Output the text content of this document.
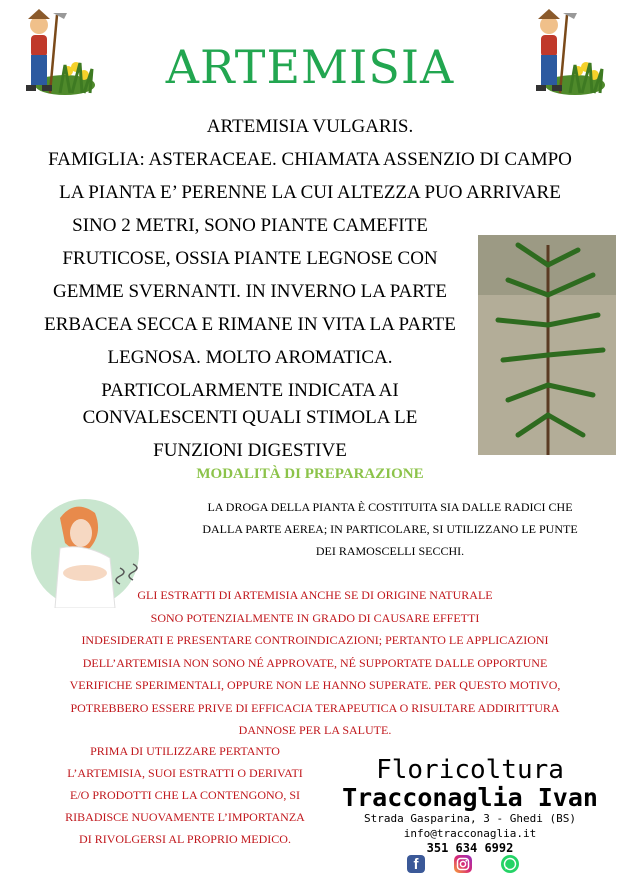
ARTEMISIA
ARTEMISIA VULGARIS.
FAMIGLIA: ASTERACEAE. CHIAMATA ASSENZIO DI CAMPO
LA PIANTA E’ PERENNE LA CUI ALTEZZA PUO ARRIVARE
SINO 2 METRI, SONO PIANTE CAMEFITE
FRUTICOSE, OSSIA PIANTE LEGNOSE CON
GEMME SVERNANTI. IN INVERNO LA PARTE
ERBACEA SECCA E RIMANE IN VITA LA PARTE
LEGNOSA. MOLTO AROMATICA.
PARTICOLARMENTE INDICATA AI
CONVALESCENTI QUALI STIMOLA LE
FUNZIONI DIGESTIVE
MODALITÀ DI PREPARAZIONE
LA DROGA DELLA PIANTA È COSTITUITA SIA DALLE RADICI CHE
DALLA PARTE AEREA; IN PARTICOLARE, SI UTILIZZANO LE PUNTE
DEI RAMOSCELLI SECCHI.
GLI ESTRATTI DI ARTEMISIA ANCHE SE DI ORIGINE NATURALE
SONO POTENZIALMENTE IN GRADO DI CAUSARE EFFETTI
INDESIDERATI E PRESENTARE CONTROINDICAZIONI; PERTANTO LE APPLICAZIONI
DELL’ARTEMISIA NON SONO NÉ APPROVATE, NÉ SUPPORTATE DALLE OPPORTUNE
VERIFICHE SPERIMENTALI, OPPURE NON LE HANNO SUPERATE. PER QUESTO MOTIVO,
POTREBBERO ESSERE PRIVE DI EFFICACIA TERAPEUTICA O RISULTARE ADDIRITTURA
DANNOSE PER LA SALUTE.
PRIMA DI UTILIZZARE PERTANTO
L’ARTEMISIA, SUOI ESTRATTI O DERIVATI
E/O PRODOTTI CHE LA CONTENGONO, SI
RIBADISCE NUOVAMENTE L’IMPORTANZA
DI RIVOLGERSI AL PROPRIO MEDICO.
Floricoltura
Tracconaglia Ivan
Strada Gasparina, 3 - Ghedi (BS)
info@tracconaglia.it
351 634 6992
f
